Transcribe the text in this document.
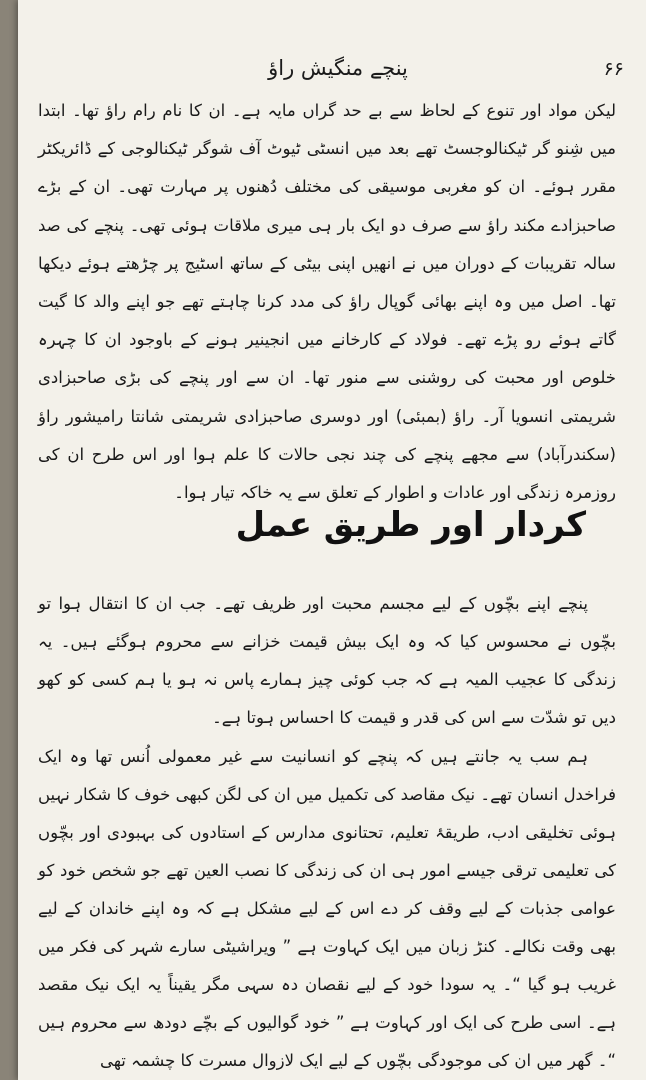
پنچے منگیش راؤ	۶۶

لیکن مواد اور تنوع کے لحاظ سے بے حد گراں مایہ ہے۔ ان کا نام رام راؤ تھا۔ ابتدا میں شِنو گر ٹیکنالوجسٹ تھے بعد میں انسٹی ٹیوٹ آف شوگر ٹیکنالوجی کے ڈائریکٹر مقرر ہوئے۔ ان کو مغربی موسیقی کی مختلف دُھنوں پر مہارت تھی۔ ان کے بڑے صاحبزادے مکند راؤ سے صرف دو ایک بار ہی میری ملاقات ہوئی تھی۔ پنچے کی صد سالہ تقریبات کے دوران میں نے انھیں اپنی بیٹی کے ساتھ اسٹیج پر چڑھتے ہوئے دیکھا تھا۔ اصل میں وہ اپنے بھائی گوپال راؤ کی مدد کرنا چاہتے تھے جو اپنے والد کا گیت گاتے ہوئے رو پڑے تھے۔ فولاد کے کارخانے میں انجینیر ہونے کے باوجود ان کا چہرہ خلوص اور محبت کی روشنی سے منور تھا۔ ان سے اور پنچے کی بڑی صاحبزادی شریمتی انسویا آر۔ راؤ (بمبئی) اور دوسری صاحبزادی شریمتی شانتا رامیشور راؤ (سکندرآباد) سے مجھے پنچے کی چند نجی حالات کا علم ہوا اور اس طرح ان کی روزمرہ زندگی اور عادات و اطوار کے تعلق سے یہ خاکہ تیار ہوا۔

کردار اور طریق عمل

پنچے اپنے بچّوں کے لیے مجسم محبت اور ظریف تھے۔ جب ان کا انتقال ہوا تو بچّوں نے محسوس کیا کہ وہ ایک بیش قیمت خزانے سے محروم ہوگئے ہیں۔ یہ زندگی کا عجیب المیہ ہے کہ جب کوئی چیز ہمارے پاس نہ ہو یا ہم کسی کو کھو دیں تو شدّت سے اس کی قدر و قیمت کا احساس ہوتا ہے۔

ہم سب یہ جانتے ہیں کہ پنچے کو انسانیت سے غیر معمولی اُنس تھا وہ ایک فراخدل انسان تھے۔ نیک مقاصد کی تکمیل میں ان کی لگن کبھی خوف کا شکار نہیں ہوئی تخلیقی ادب، طریقۂ تعلیم، تحتانوی مدارس کے استادوں کی بہبودی اور بچّوں کی تعلیمی ترقی جیسے امور ہی ان کی زندگی کا نصب العین تھے جو شخص خود کو عوامی جذبات کے لیے وقف کر دے اس کے لیے مشکل ہے کہ وہ اپنے خاندان کے لیے بھی وقت نکالے۔ کنڑ زبان میں ایک کہاوت ہے ” ویراشیٹی سارے شہر کی فکر میں غریب ہو گیا “۔ یہ سودا خود کے لیے نقصان دہ سہی مگر یقیناً یہ ایک نیک مقصد ہے۔ اسی طرح کی ایک اور کہاوت ہے ” خود گوالیوں کے بچّے دودھ سے محروم ہیں “۔ گھر میں ان کی موجودگی بچّوں کے لیے ایک لازوال مسرت کا چشمہ تھی
